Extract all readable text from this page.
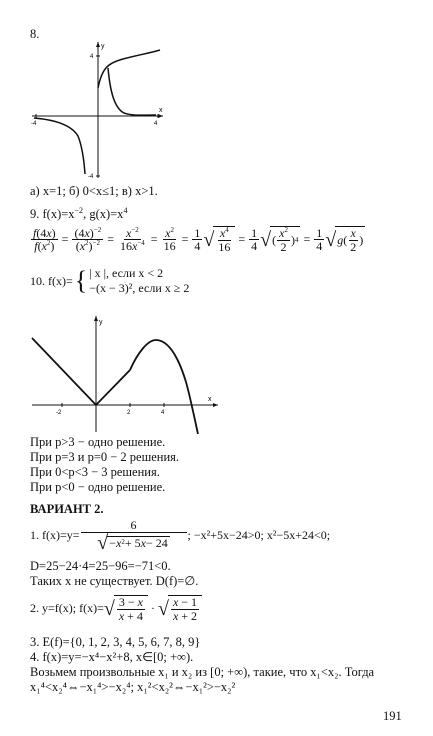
8.
y
x
4
-4
4
-4
а) x=1; б) 0<x≤1; в) x>1.
9. $f(x)=x^{-2}$, $g(x)=x^4$
$\frac{f(4x)}{f(x^2)} = \frac{(4x)^{-2}}{(x^2)^{-2}} = \frac{x^{-2}}{16x^{-4}} = \frac{x^2}{16} = \frac{1}{4}$ √ $\frac{x^4}{16} = \frac{1}{4}$ √ ( $\frac{x^2}{2}$ ) $4 = \frac{1}{4}$ √ g ( $\frac{x}{2}$ )
10. f(x)= { | x |, если x < 2
−(x − 3)², если x ≥ 2
y
x
-2	2	4
При p>3 − одно решение.
При p=3 и p=0 − 2 решения.
При 0<p<3 − 3 решения.
При p<0 − одно решение.
ВАРИАНТ 2.
1. $f(x)=y= \frac{6}{√ - x 2 + 5 x - 24}$ ; −x²+5x−24>0; x²−5x+24<0;
D=25−24·4=25−96=−71<0.
Таких x не существует. D(f)=∅.
2. y=f(x); f(x)= √ $\frac{3 - x}{x + 4}$ · √ $\frac{x - 1}{x + 2}$
3. E(f)={0, 1, 2, 3, 4, 5, 6, 7, 8, 9}
4. f(x)=y=−x⁴−x²+8, x∈[0; +∞).
Возьмем произвольные x₁ и x₂ из [0; +∞), такие, что x₁<x₂. Тогда
x₁⁴<x₂⁴⇔−x₁⁴>−x₂⁴; x₁²<x₂²⇔−x₁²>−x₂²
191
